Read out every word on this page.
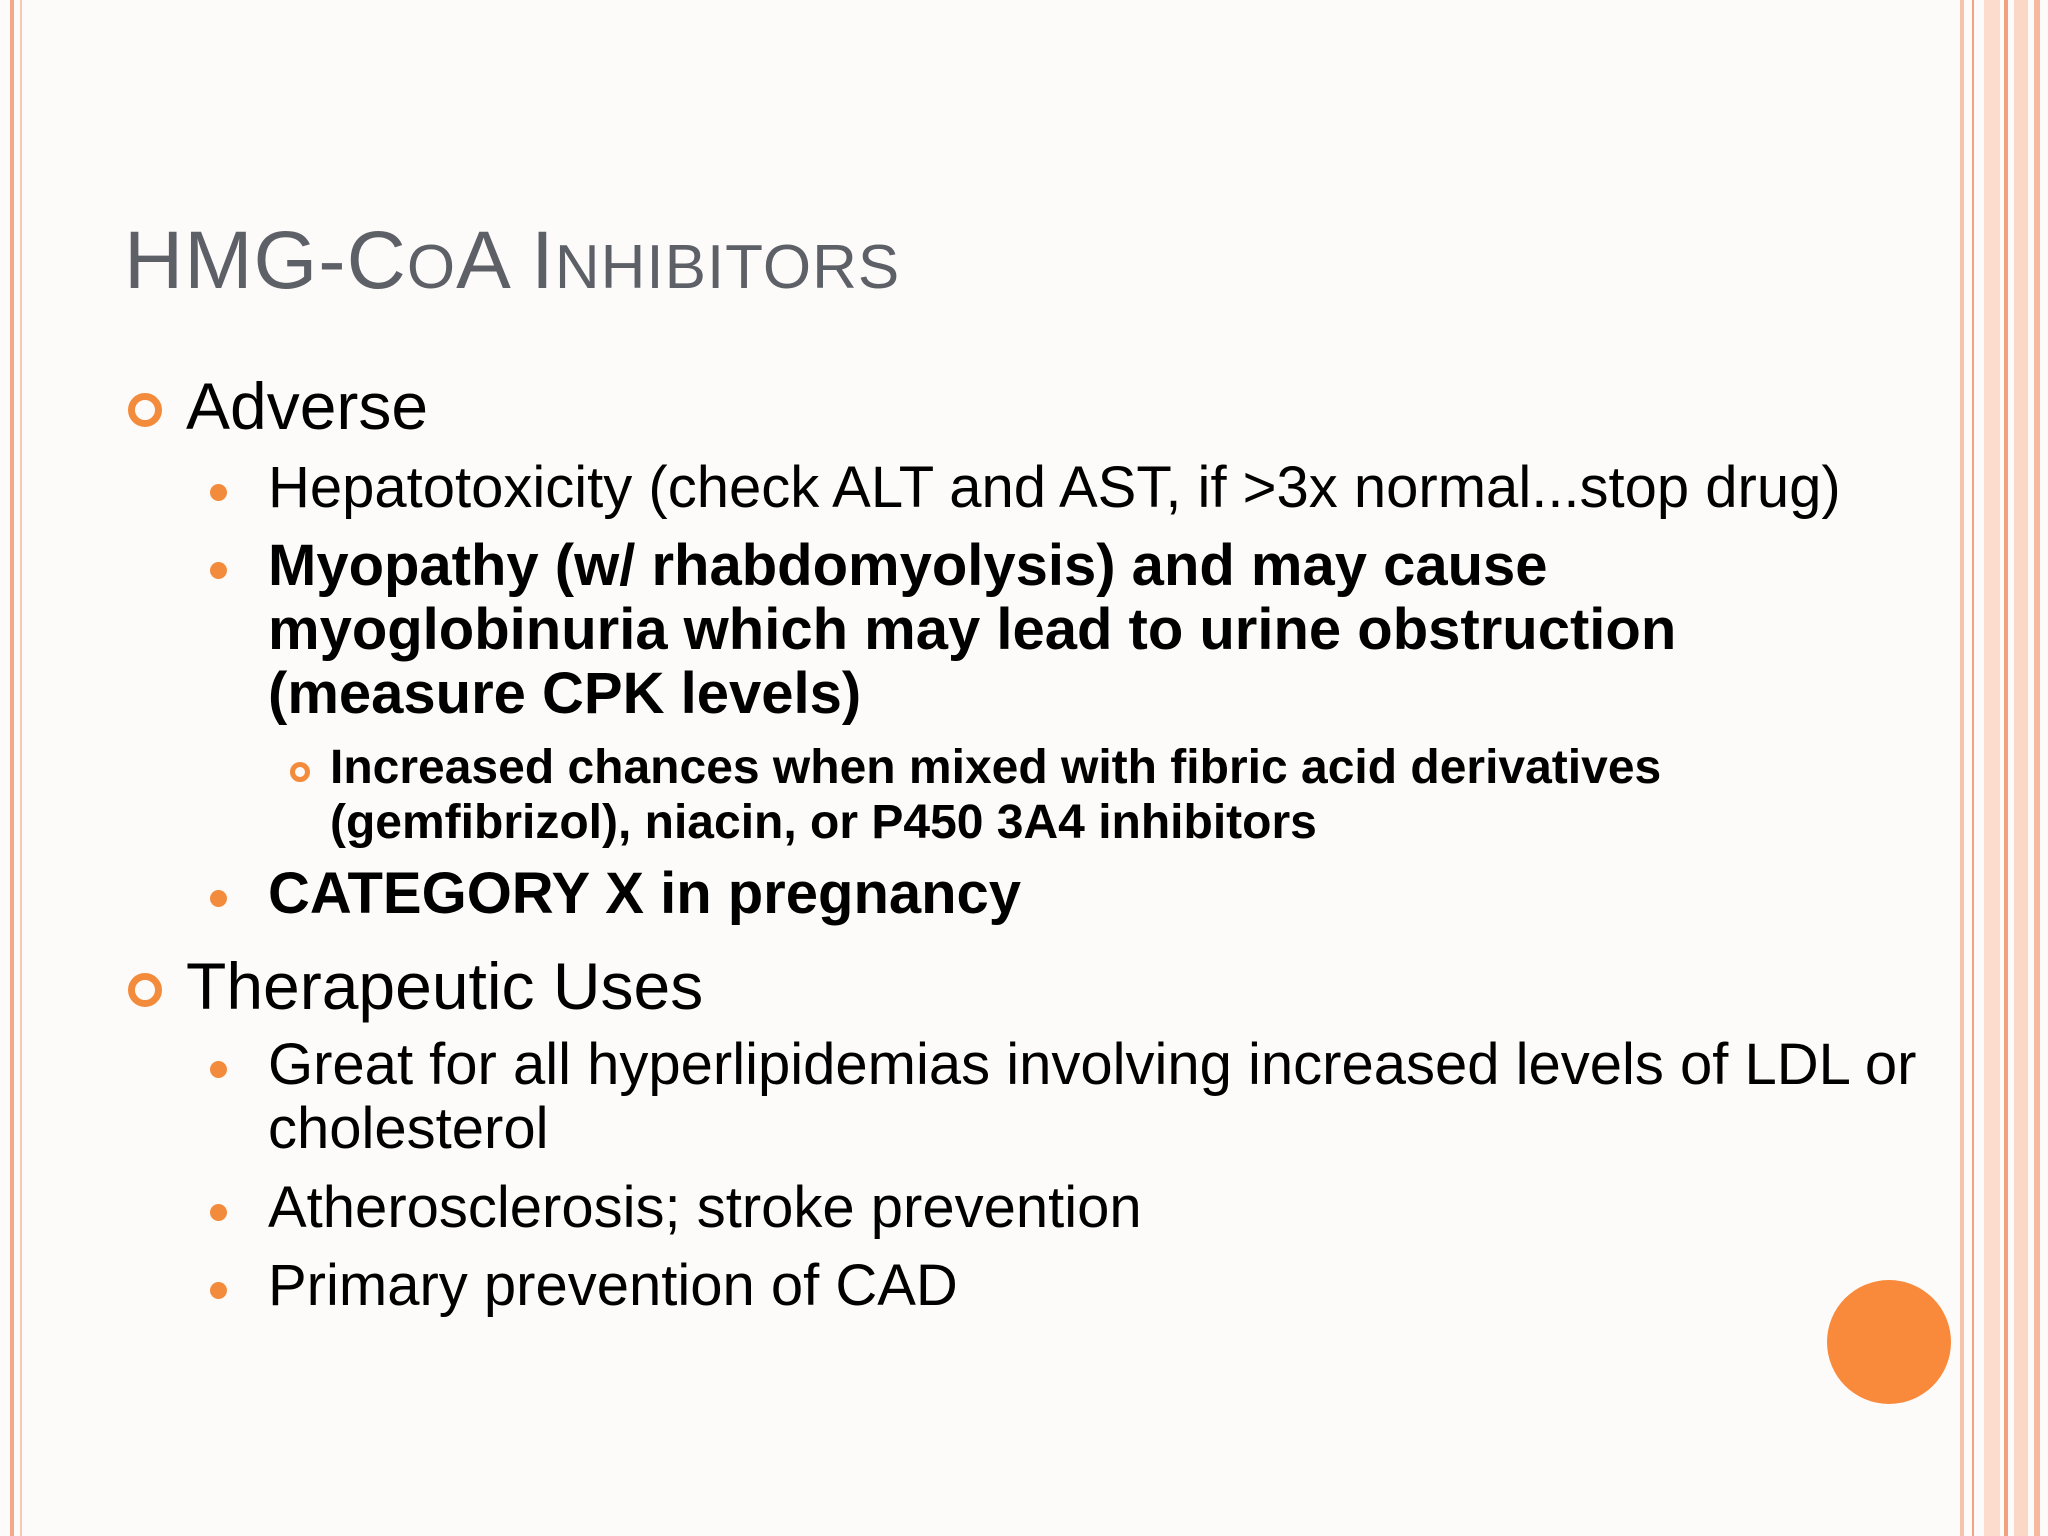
HMG-COA INHIBITORS
Adverse
Hepatotoxicity (check ALT and AST, if >3x normal...stop drug)
Myopathy (w/ rhabdomyolysis) and may cause myoglobinuria which may lead to urine obstruction (measure CPK levels)
Increased chances when mixed with fibric acid derivatives (gemfibrizol), niacin, or P450 3A4 inhibitors
CATEGORY X in pregnancy
Therapeutic Uses
Great for all hyperlipidemias involving increased levels of LDL or cholesterol
Atherosclerosis; stroke prevention
Primary prevention of CAD
